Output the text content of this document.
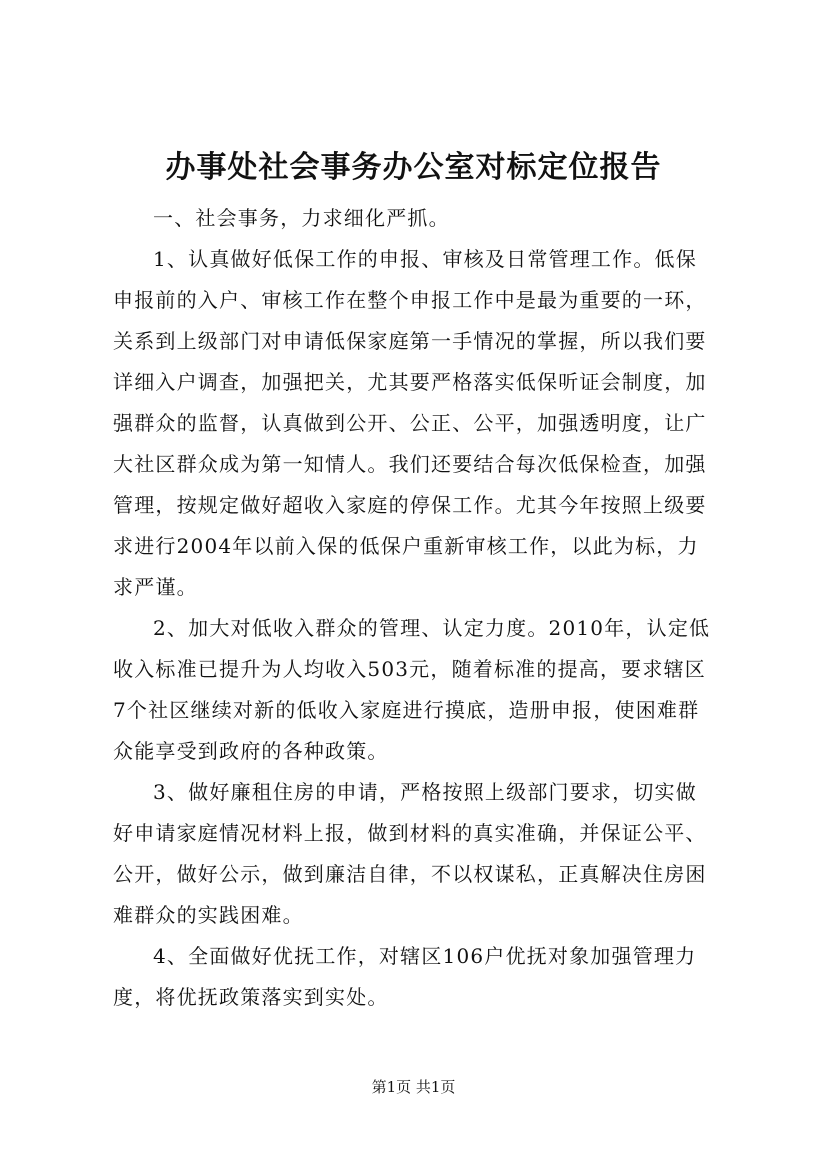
办事处社会事务办公室对标定位报告
一、社会事务，力求细化严抓。
1、认真做好低保工作的申报、审核及日常管理工作。低保
申报前的入户、审核工作在整个申报工作中是最为重要的一环，
关系到上级部门对申请低保家庭第一手情况的掌握，所以我们要
详细入户调查，加强把关，尤其要严格落实低保听证会制度，加
强群众的监督，认真做到公开、公正、公平，加强透明度，让广
大社区群众成为第一知情人。我们还要结合每次低保检查，加强
管理，按规定做好超收入家庭的停保工作。尤其今年按照上级要
求进行2004年以前入保的低保户重新审核工作，以此为标，力
求严谨。
2、加大对低收入群众的管理、认定力度。2010年，认定低
收入标准已提升为人均收入503元，随着标准的提高，要求辖区
7个社区继续对新的低收入家庭进行摸底，造册申报，使困难群
众能享受到政府的各种政策。
3、做好廉租住房的申请，严格按照上级部门要求，切实做
好申请家庭情况材料上报，做到材料的真实准确，并保证公平、
公开，做好公示，做到廉洁自律，不以权谋私，正真解决住房困
难群众的实践困难。
4、全面做好优抚工作，对辖区106户优抚对象加强管理力
度，将优抚政策落实到实处。
第1页 共1页
